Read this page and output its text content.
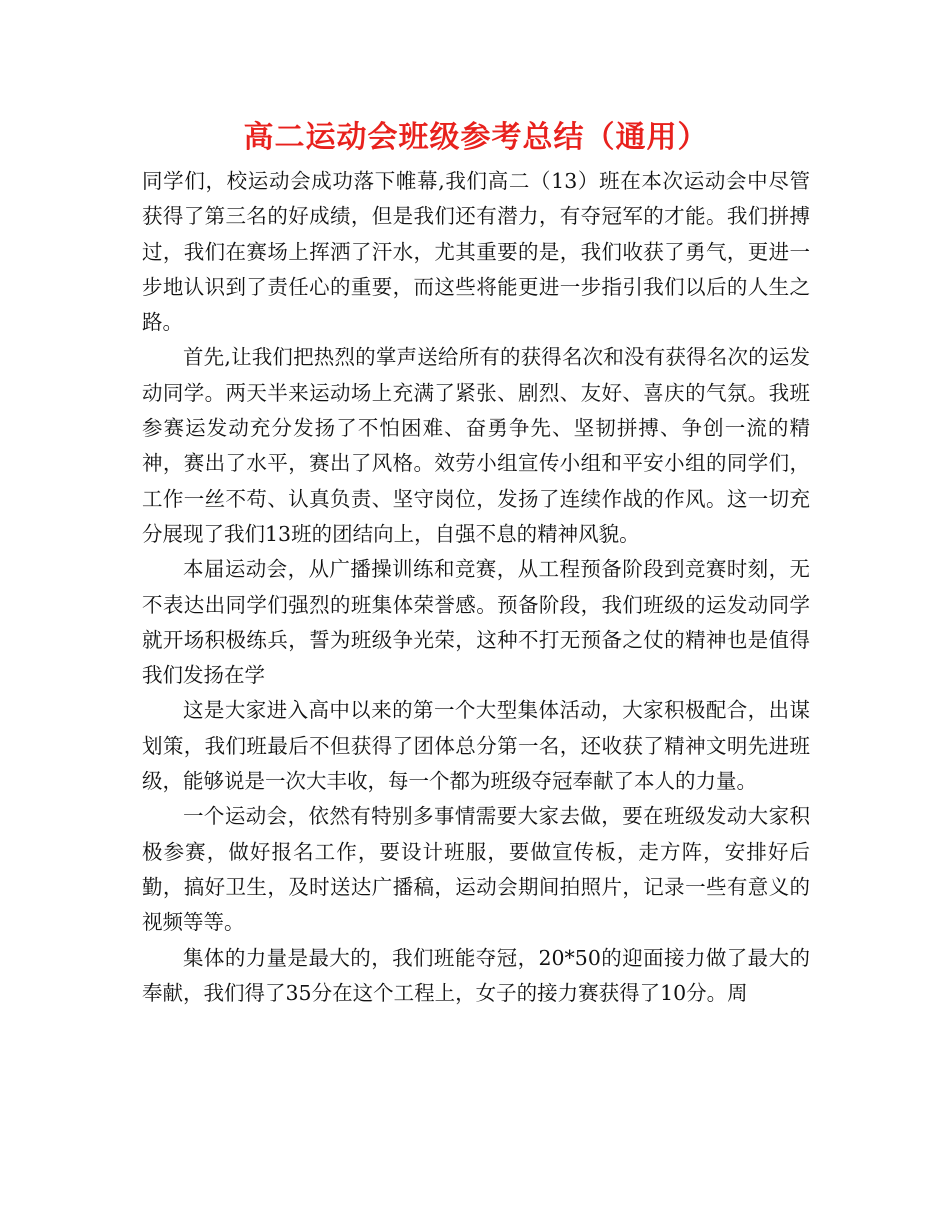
高二运动会班级参考总结（通用）

同学们，校运动会成功落下帷幕,我们高二（13）班在本次运动会中尽管获得了第三名的好成绩，但是我们还有潜力，有夺冠军的才能。我们拼搏过，我们在赛场上挥洒了汗水，尤其重要的是，我们收获了勇气，更进一步地认识到了责任心的重要，而这些将能更进一步指引我们以后的人生之路。

首先,让我们把热烈的掌声送给所有的获得名次和没有获得名次的运发动同学。两天半来运动场上充满了紧张、剧烈、友好、喜庆的气氛。我班参赛运发动充分发扬了不怕困难、奋勇争先、坚韧拼搏、争创一流的精神，赛出了水平，赛出了风格。效劳小组宣传小组和平安小组的同学们，工作一丝不苟、认真负责、坚守岗位，发扬了连续作战的作风。这一切充分展现了我们13班的团结向上，自强不息的精神风貌。

本届运动会，从广播操训练和竞赛，从工程预备阶段到竞赛时刻，无不表达出同学们强烈的班集体荣誉感。预备阶段，我们班级的运发动同学就开场积极练兵，誓为班级争光荣，这种不打无预备之仗的精神也是值得我们发扬在学

这是大家进入高中以来的第一个大型集体活动，大家积极配合，出谋划策，我们班最后不但获得了团体总分第一名，还收获了精神文明先进班级，能够说是一次大丰收，每一个都为班级夺冠奉献了本人的力量。

一个运动会，依然有特别多事情需要大家去做，要在班级发动大家积极参赛，做好报名工作，要设计班服，要做宣传板，走方阵，安排好后勤，搞好卫生，及时送达广播稿，运动会期间拍照片，记录一些有意义的视频等等。

集体的力量是最大的，我们班能夺冠，20*50的迎面接力做了最大的奉献，我们得了35分在这个工程上，女子的接力赛获得了10分。周
